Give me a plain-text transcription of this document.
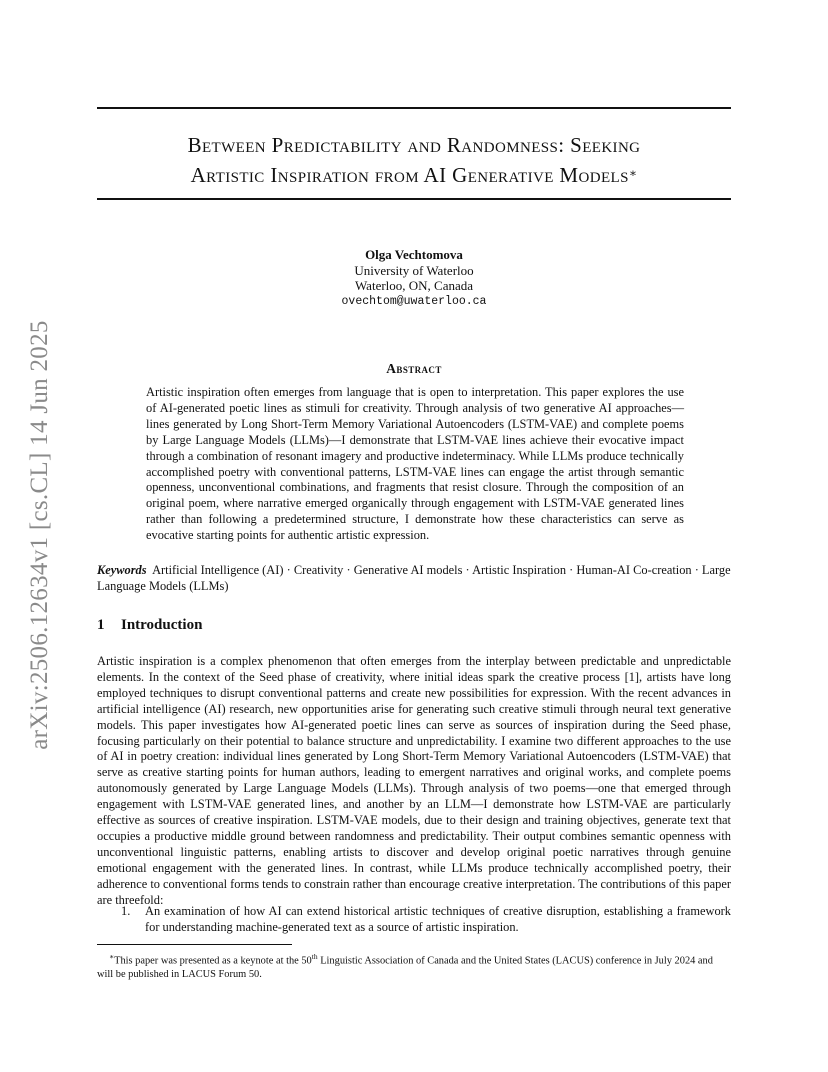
arXiv:2506.12634v1 [cs.CL] 14 Jun 2025
Between Predictability and Randomness: Seeking
Artistic Inspiration from AI Generative Models∗
Olga Vechtomova
University of Waterloo
Waterloo, ON, Canada
ovechtom@uwaterloo.ca
Abstract

Artistic inspiration often emerges from language that is open to interpretation. This paper explores the use of AI-generated poetic lines as stimuli for creativity. Through analysis of two generative AI approaches—lines generated by Long Short-Term Memory Variational Autoencoders (LSTM-VAE) and complete poems by Large Language Models (LLMs)—I demonstrate that LSTM-VAE lines achieve their evocative impact through a combination of resonant imagery and productive indeterminacy. While LLMs produce technically accomplished poetry with conventional patterns, LSTM-VAE lines can engage the artist through semantic openness, unconventional combinations, and fragments that resist closure. Through the composition of an original poem, where narrative emerged organically through engagement with LSTM-VAE generated lines rather than following a predetermined structure, I demonstrate how these characteristics can serve as evocative starting points for authentic artistic expression.

Keywords Artificial Intelligence (AI) · Creativity · Generative AI models · Artistic Inspiration · Human-AI Co-creation · Large Language Models (LLMs)

1 Introduction

Artistic inspiration is a complex phenomenon that often emerges from the interplay between predictable and unpredictable elements. In the context of the Seed phase of creativity, where initial ideas spark the creative process [1], artists have long employed techniques to disrupt conventional patterns and create new possibilities for expression. With the recent advances in artificial intelligence (AI) research, new opportunities arise for generating such creative stimuli through neural text generative models. This paper investigates how AI-generated poetic lines can serve as sources of inspiration during the Seed phase, focusing particularly on their potential to balance structure and unpredictability. I examine two different approaches to the use of AI in poetry creation: individual lines generated by Long Short-Term Memory Variational Autoencoders (LSTM-VAE) that serve as creative starting points for human authors, leading to emergent narratives and original works, and complete poems autonomously generated by Large Language Models (LLMs). Through analysis of two poems—one that emerged through engagement with LSTM-VAE generated lines, and another by an LLM—I demonstrate how LSTM-VAE are particularly effective as sources of creative inspiration. LSTM-VAE models, due to their design and training objectives, generate text that occupies a productive middle ground between randomness and predictability. Their output combines semantic openness with unconventional linguistic patterns, enabling artists to discover and develop original poetic narratives through genuine emotional engagement with the generated lines. In contrast, while LLMs produce technically accomplished poetry, their adherence to conventional forms tends to constrain rather than encourage creative interpretation. The contributions of this paper are threefold:

1.	An examination of how AI can extend historical artistic techniques of creative disruption, establishing a framework for understanding machine-generated text as a source of artistic inspiration.

∗This paper was presented as a keynote at the 50th Linguistic Association of Canada and the United States (LACUS) conference in July 2024 and will be published in LACUS Forum 50.
